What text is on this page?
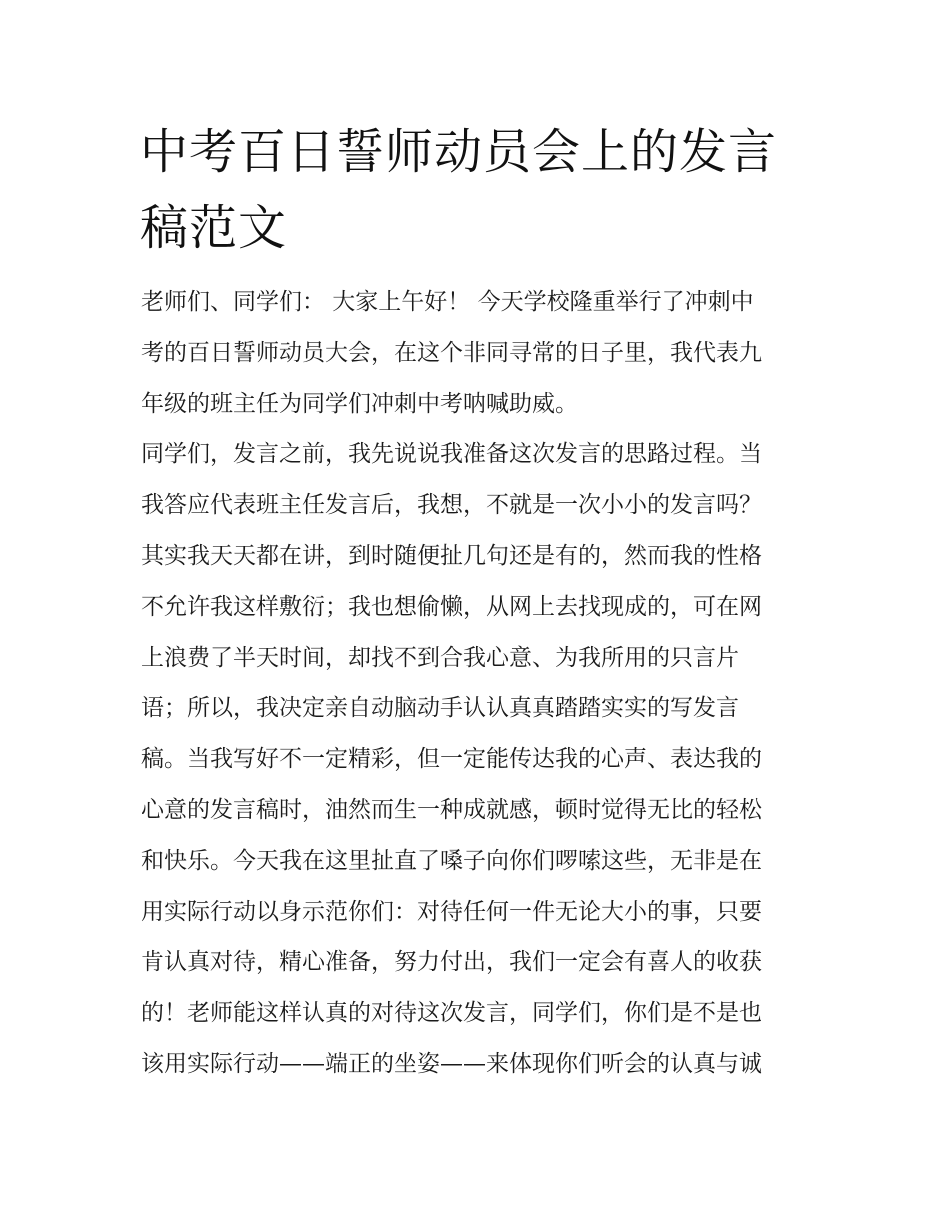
中考百日誓师动员会上的发言
稿范文
老师们、同学们： 大家上午好！ 今天学校隆重举行了冲刺中
考的百日誓师动员大会，在这个非同寻常的日子里，我代表九
年级的班主任为同学们冲刺中考呐喊助威。
同学们，发言之前，我先说说我准备这次发言的思路过程。当
我答应代表班主任发言后，我想，不就是一次小小的发言吗？
其实我天天都在讲，到时随便扯几句还是有的，然而我的性格
不允许我这样敷衍；我也想偷懒，从网上去找现成的，可在网
上浪费了半天时间，却找不到合我心意、为我所用的只言片
语；所以，我决定亲自动脑动手认认真真踏踏实实的写发言
稿。当我写好不一定精彩，但一定能传达我的心声、表达我的
心意的发言稿时，油然而生一种成就感，顿时觉得无比的轻松
和快乐。今天我在这里扯直了嗓子向你们啰嗦这些，无非是在
用实际行动以身示范你们：对待任何一件无论大小的事，只要
肯认真对待，精心准备，努力付出，我们一定会有喜人的收获
的！老师能这样认真的对待这次发言，同学们，你们是不是也
该用实际行动——端正的坐姿——来体现你们听会的认真与诚
